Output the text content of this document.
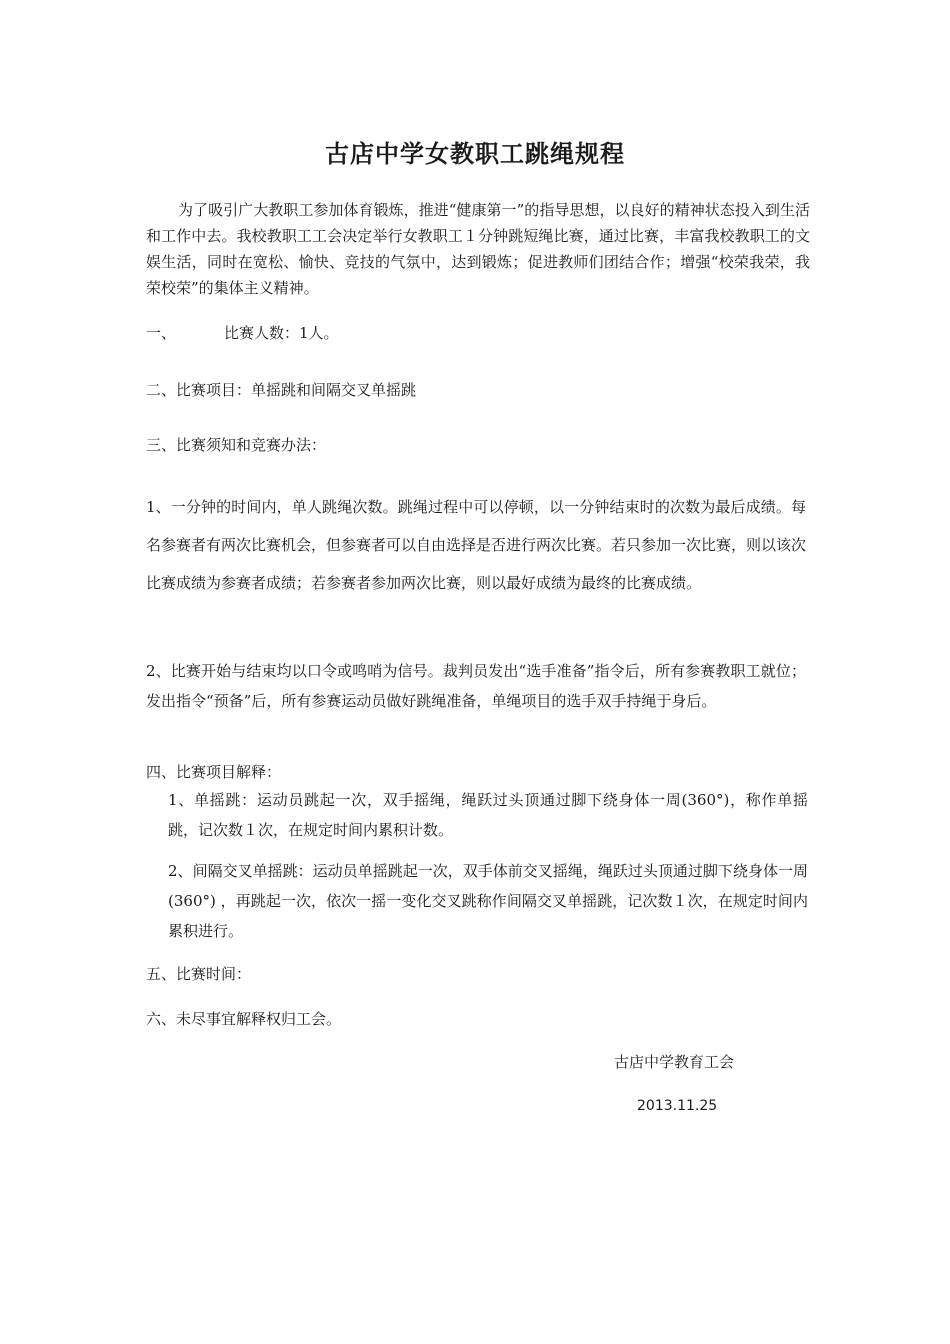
古店中学女教职工跳绳规程
为了吸引广大教职工参加体育锻炼，推进“健康第一”的指导思想，以良好的精神状态投入到生活和工作中去。我校教职工工会决定举行女教职工１分钟跳短绳比赛，通过比赛，丰富我校教职工的文娱生活，同时在宽松、愉快、竞技的气氛中，达到锻炼；促进教师们团结合作；增强“校荣我荣，我荣校荣”的集体主义精神。
一、	比赛人数：1人。
二、比赛项目：单摇跳和间隔交叉单摇跳
三、比赛须知和竞赛办法：
1、一分钟的时间内，单人跳绳次数。跳绳过程中可以停顿，以一分钟结束时的次数为最后成绩。每名参赛者有两次比赛机会，但参赛者可以自由选择是否进行两次比赛。若只参加一次比赛，则以该次比赛成绩为参赛者成绩；若参赛者参加两次比赛，则以最好成绩为最终的比赛成绩。
2、比赛开始与结束均以口令或鸣哨为信号。裁判员发出“选手准备”指令后，所有参赛教职工就位；发出指令“预备”后，所有参赛运动员做好跳绳准备，单绳项目的选手双手持绳于身后。
四、比赛项目解释：
1、单摇跳：运动员跳起一次，双手摇绳，绳跃过头顶通过脚下绕身体一周(360°)，称作单摇跳，记次数１次，在规定时间内累积计数。
2、间隔交叉单摇跳：运动员单摇跳起一次，双手体前交叉摇绳，绳跃过头顶通过脚下绕身体一周(360°) ，再跳起一次，依次一摇一变化交叉跳称作间隔交叉单摇跳，记次数１次，在规定时间内累积进行。
五、比赛时间：
六、未尽事宜解释权归工会。
古店中学教育工会
2013.11.25
